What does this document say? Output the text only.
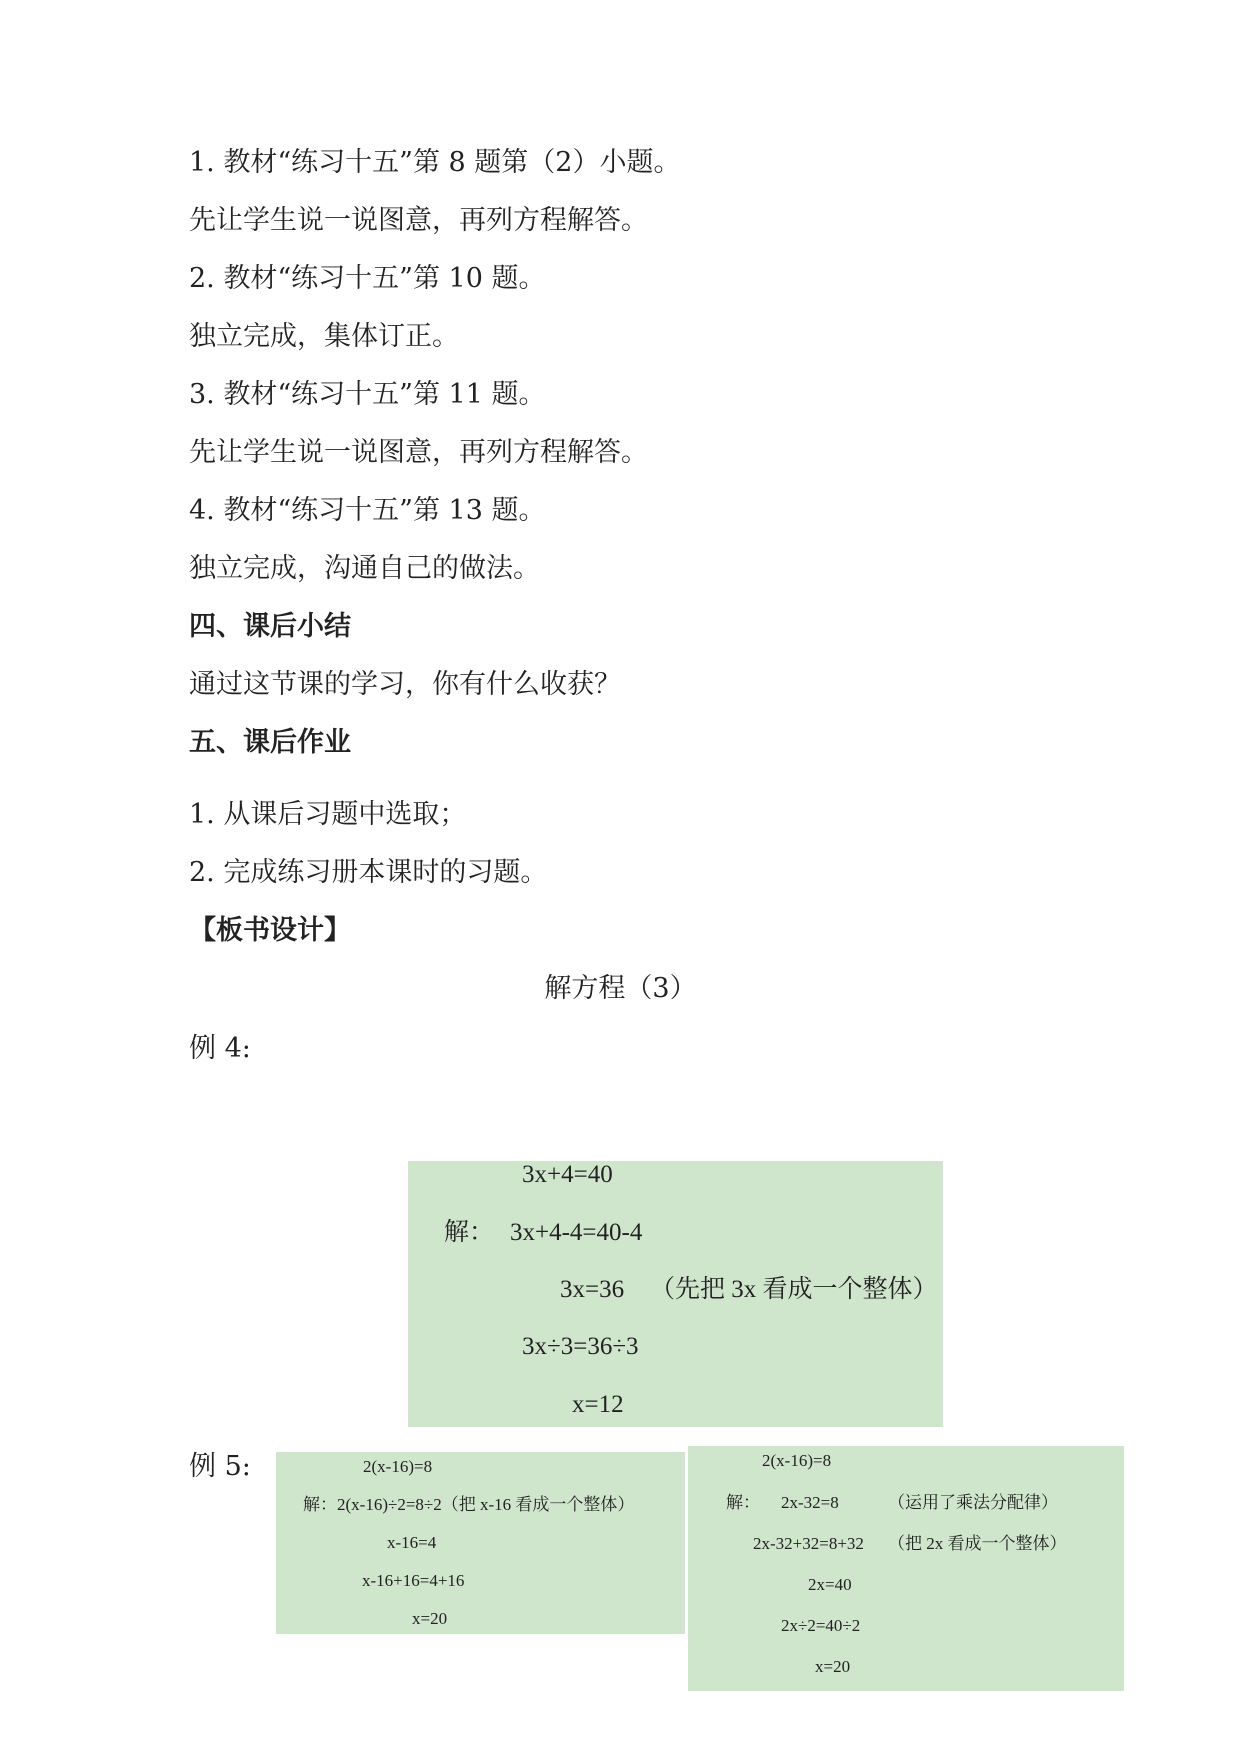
1. 教材“练习十五”第 8 题第（2）小题。
先让学生说一说图意，再列方程解答。
2. 教材“练习十五”第 10 题。
独立完成，集体订正。
3. 教材“练习十五”第 11 题。
先让学生说一说图意，再列方程解答。
4. 教材“练习十五”第 13 题。
独立完成，沟通自己的做法。
四、课后小结
通过这节课的学习，你有什么收获？
五、课后作业
1. 从课后习题中选取；
2. 完成练习册本课时的习题。
【板书设计】
解方程（3）
例 4:
3x+4=40
解： 3x+4-4=40-4
3x=36 （先把 3x 看成一个整体）
3x÷3=36÷3
x=12
例 5:	2(x-16)=8
解：2(x-16)÷2=8÷2（把 x-16 看成一个整体）
x-16=4
x-16+16=4+16
x=20
2(x-16)=8
解： 2x-32=8	（运用了乘法分配律）
2x-32+32=8+32 （把 2x 看成一个整体）
2x=40
2x÷2=40÷2
x=20
